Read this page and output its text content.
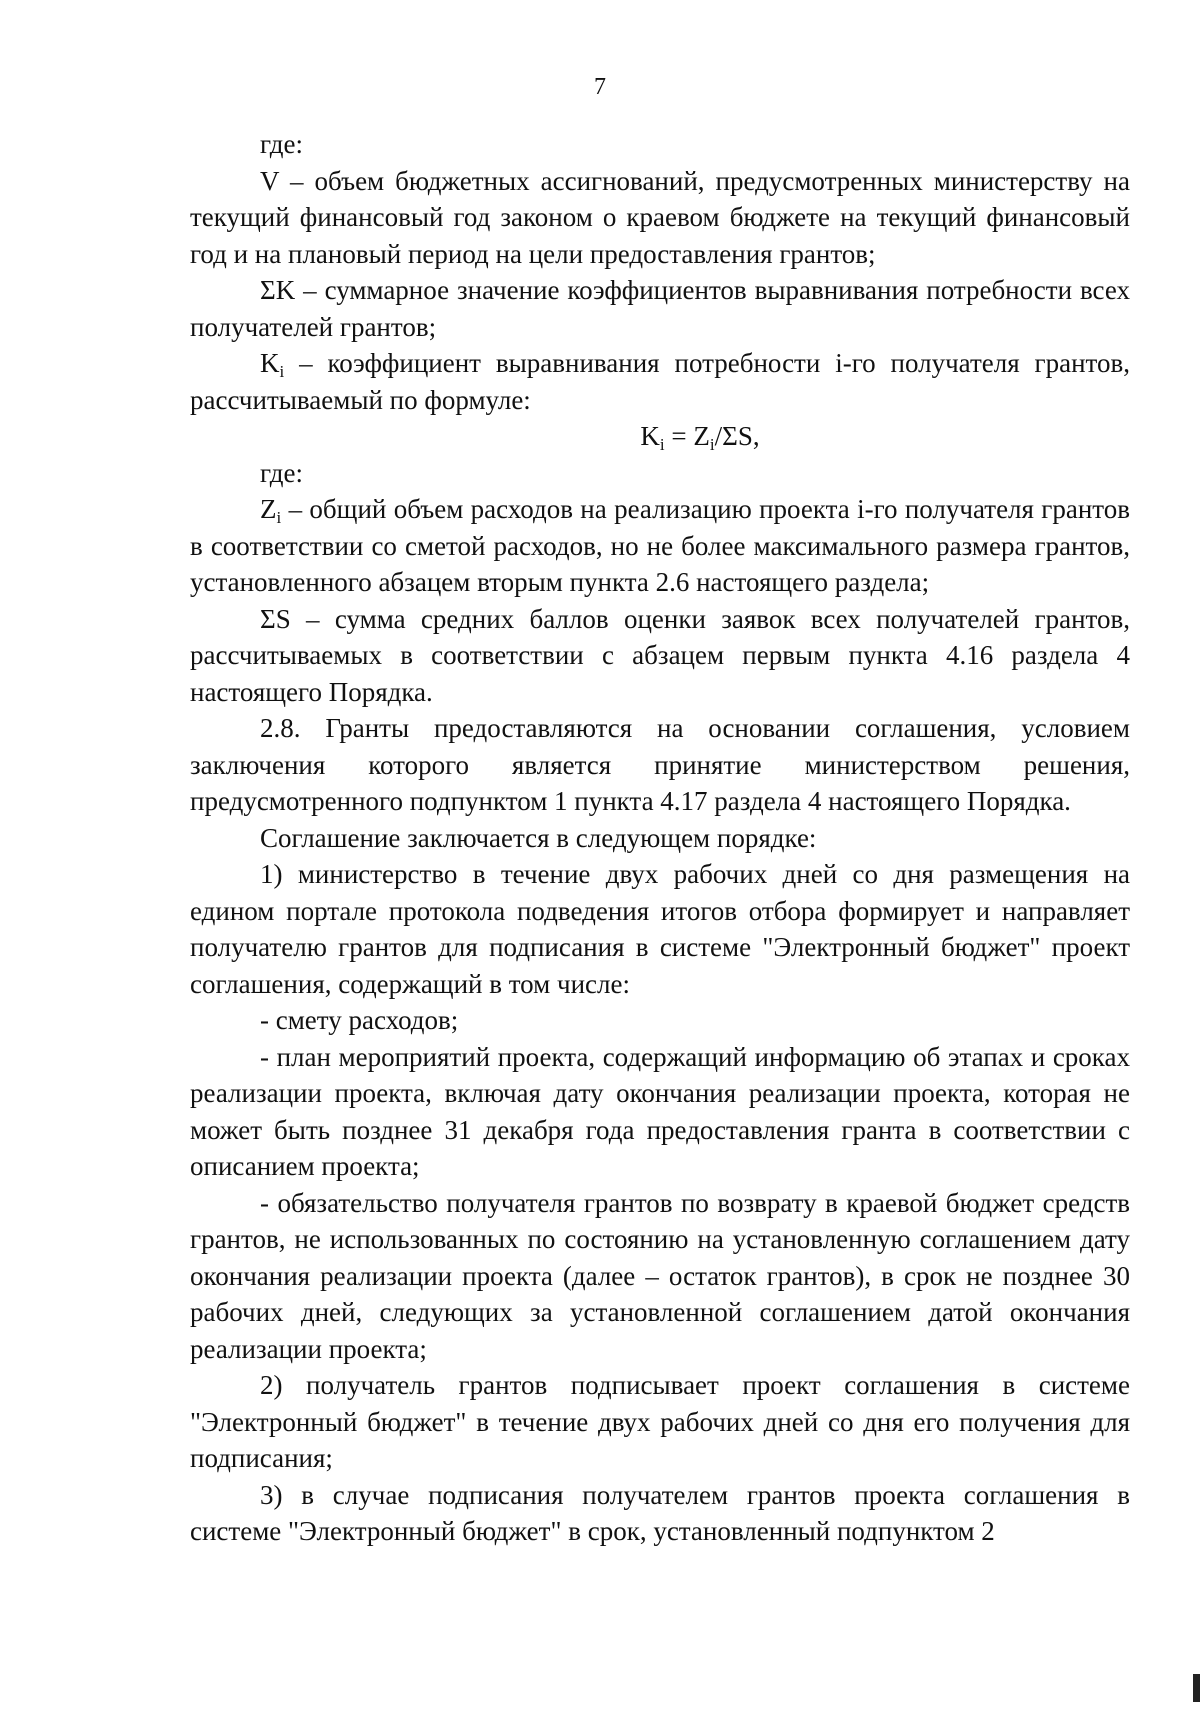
7

где:

V – объем бюджетных ассигнований, предусмотренных министерству на текущий финансовый год законом о краевом бюджете на текущий финансовый год и на плановый период на цели предоставления грантов;

ΣK – суммарное значение коэффициентов выравнивания потребности всех получателей грантов;

$K_i$ – коэффициент выравнивания потребности i-го получателя грантов, рассчитываемый по формуле:

$K_i = Z_i/\Sigma S$,

где:

$Z_i$ – общий объем расходов на реализацию проекта i-го получателя грантов в соответствии со сметой расходов, но не более максимального размера грантов, установленного абзацем вторым пункта 2.6 настоящего раздела;

ΣS – сумма средних баллов оценки заявок всех получателей грантов, рассчитываемых в соответствии с абзацем первым пункта 4.16 раздела 4 настоящего Порядка.

2.8. Гранты предоставляются на основании соглашения, условием заключения которого является принятие министерством решения, предусмотренного подпунктом 1 пункта 4.17 раздела 4 настоящего Порядка.

Соглашение заключается в следующем порядке:

1) министерство в течение двух рабочих дней со дня размещения на едином портале протокола подведения итогов отбора формирует и направляет получателю грантов для подписания в системе "Электронный бюджет" проект соглашения, содержащий в том числе:

- смету расходов;

- план мероприятий проекта, содержащий информацию об этапах и сроках реализации проекта, включая дату окончания реализации проекта, которая не может быть позднее 31 декабря года предоставления гранта в соответствии с описанием проекта;

- обязательство получателя грантов по возврату в краевой бюджет средств грантов, не использованных по состоянию на установленную соглашением дату окончания реализации проекта (далее – остаток грантов), в срок не позднее 30 рабочих дней, следующих за установленной соглашением датой окончания реализации проекта;

2) получатель грантов подписывает проект соглашения в системе "Электронный бюджет" в течение двух рабочих дней со дня его получения для подписания;

3) в случае подписания получателем грантов проекта соглашения в системе "Электронный бюджет" в срок, установленный подпунктом 2
